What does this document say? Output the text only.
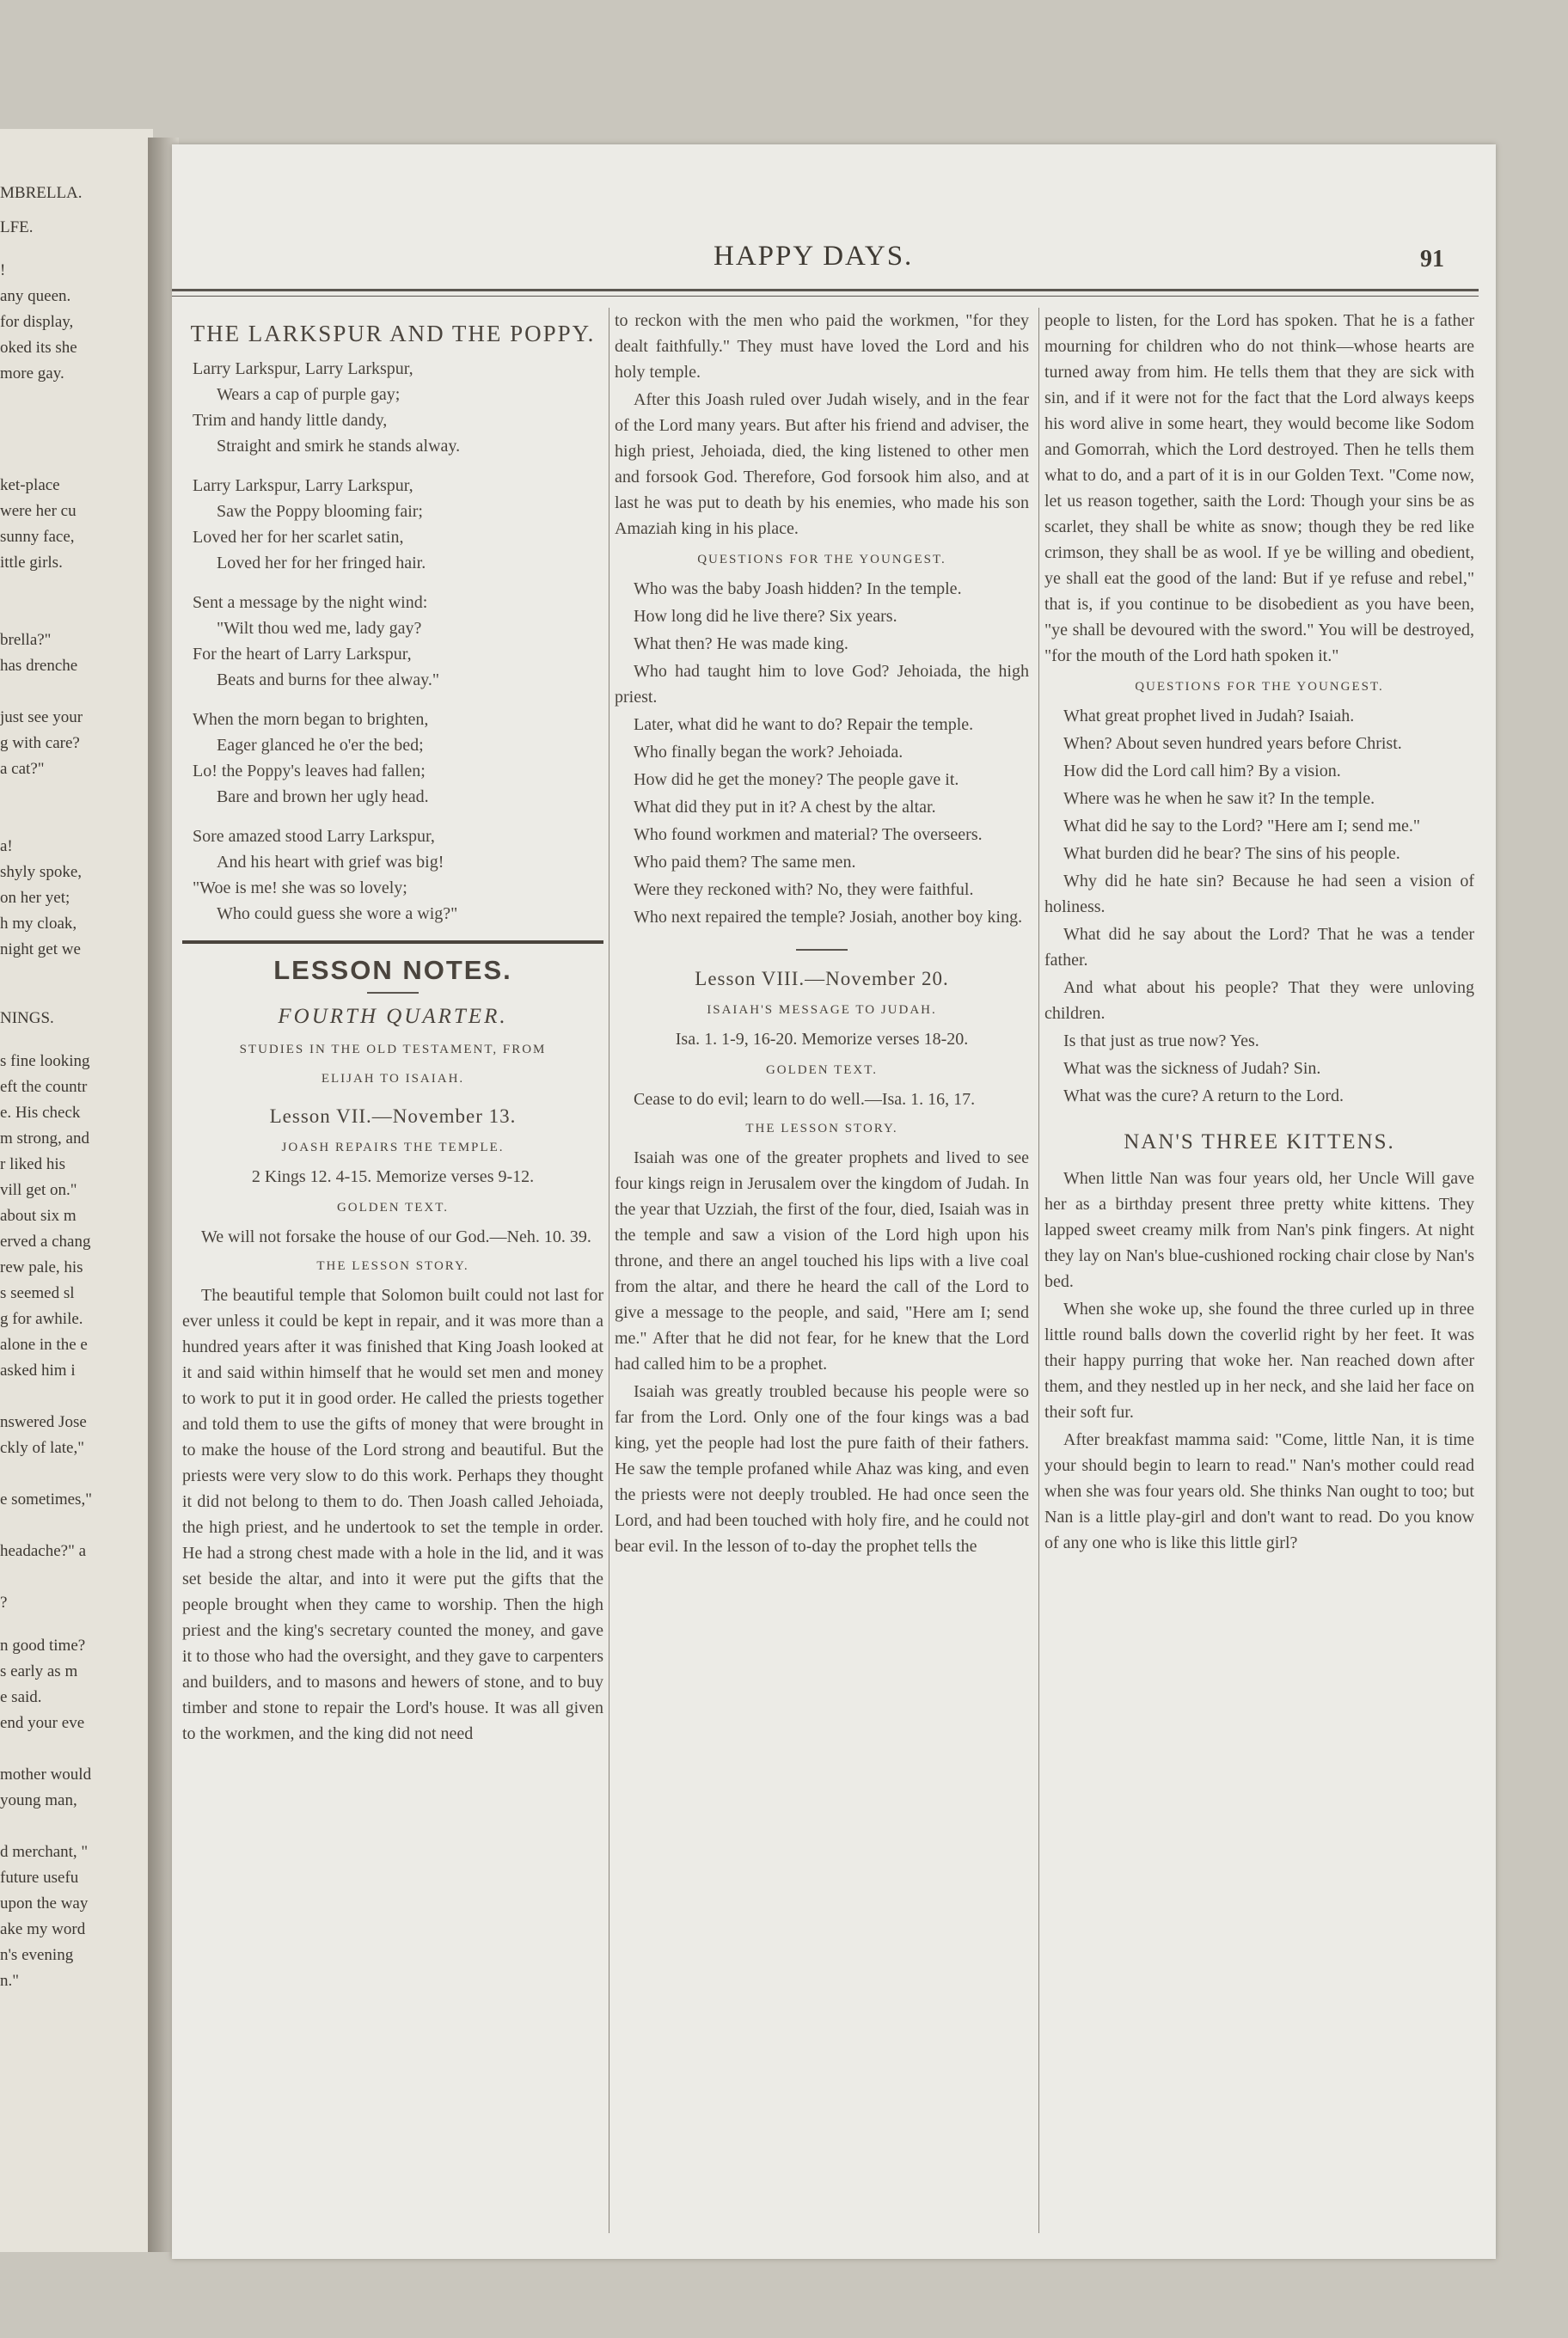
MBRELLA.
LFE.
!
any queen.
for display,
oked its she
more gay.
ket-place
were her cu
sunny face,
ittle girls.
brella?"
has drenche
just see your
g with care?
a cat?"
a!
shyly spoke,
on her yet;
h my cloak,
night get we
NINGS.
s fine looking
eft the countr
e. His check
m strong, and
r liked his
vill get on."
about six m
erved a chang
rew pale, his
s seemed sl
g for awhile.
alone in the e
asked him i
nswered Jose
ckly of late,"
e sometimes,"
headache?" a
?
n good time?
s early as m
e said.
end your eve
mother would
young man,
d merchant, "
future usefu
upon the way
ake my word
n's evening
n."
HAPPY DAYS.	91
THE LARKSPUR AND THE POPPY.
Larry Larkspur, Larry Larkspur,
Wears a cap of purple gay;
Trim and handy little dandy,
Straight and smirk he stands alway.
Larry Larkspur, Larry Larkspur,
Saw the Poppy blooming fair;
Loved her for her scarlet satin,
Loved her for her fringed hair.
Sent a message by the night wind:
"Wilt thou wed me, lady gay?
For the heart of Larry Larkspur,
Beats and burns for thee alway."
When the morn began to brighten,
Eager glanced he o'er the bed;
Lo! the Poppy's leaves had fallen;
Bare and brown her ugly head.
Sore amazed stood Larry Larkspur,
And his heart with grief was big!
"Woe is me! she was so lovely;
Who could guess she wore a wig?"
LESSON NOTES.
FOURTH QUARTER.
STUDIES IN THE OLD TESTAMENT, FROM
ELIJAH TO ISAIAH.
Lesson VII.—November 13.
JOASH REPAIRS THE TEMPLE.
2 Kings 12. 4-15. Memorize verses 9-12.
GOLDEN TEXT.

We will not forsake the house of our God.—Neh. 10. 39.

THE LESSON STORY.

The beautiful temple that Solomon built could not last for ever unless it could be kept in repair, and it was more than a hundred years after it was finished that King Joash looked at it and said within himself that he would set men and money to work to put it in good order. He called the priests together and told them to use the gifts of money that were brought in to make the house of the Lord strong and beautiful. But the priests were very slow to do this work. Perhaps they thought it did not belong to them to do. Then Joash called Jehoiada, the high priest, and he undertook to set the temple in order. He had a strong chest made with a hole in the lid, and it was set beside the altar, and into it were put the gifts that the people brought when they came to worship. Then the high priest and the king's secretary counted the money, and gave it to those who had the oversight, and they gave to carpenters and builders, and to masons and hewers of stone, and to buy timber and stone to repair the Lord's house. It was all given to the workmen, and the king did not need

to reckon with the men who paid the workmen, "for they dealt faithfully." They must have loved the Lord and his holy temple.

After this Joash ruled over Judah wisely, and in the fear of the Lord many years. But after his friend and adviser, the high priest, Jehoiada, died, the king listened to other men and forsook God. Therefore, God forsook him also, and at last he was put to death by his enemies, who made his son Amaziah king in his place.

QUESTIONS FOR THE YOUNGEST.

Who was the baby Joash hidden? In the temple.

How long did he live there? Six years.

What then? He was made king.

Who had taught him to love God? Jehoiada, the high priest.

Later, what did he want to do? Repair the temple.

Who finally began the work? Jehoiada.

How did he get the money? The people gave it.

What did they put in it? A chest by the altar.

Who found workmen and material? The overseers.

Who paid them? The same men.

Were they reckoned with? No, they were faithful.

Who next repaired the temple? Josiah, another boy king.

Lesson VIII.—November 20.
ISAIAH'S MESSAGE TO JUDAH.
Isa. 1. 1-9, 16-20. Memorize verses 18-20.
GOLDEN TEXT.

Cease to do evil; learn to do well.—Isa. 1. 16, 17.

THE LESSON STORY.

Isaiah was one of the greater prophets and lived to see four kings reign in Jerusalem over the kingdom of Judah. In the year that Uzziah, the first of the four, died, Isaiah was in the temple and saw a vision of the Lord high upon his throne, and there an angel touched his lips with a live coal from the altar, and there he heard the call of the Lord to give a message to the people, and said, "Here am I; send me." After that he did not fear, for he knew that the Lord had called him to be a prophet.

Isaiah was greatly troubled because his people were so far from the Lord. Only one of the four kings was a bad king, yet the people had lost the pure faith of their fathers. He saw the temple profaned while Ahaz was king, and even the priests were not deeply troubled. He had once seen the Lord, and had been touched with holy fire, and he could not bear evil. In the lesson of to-day the prophet tells the

people to listen, for the Lord has spoken. That he is a father mourning for children who do not think—whose hearts are turned away from him. He tells them that they are sick with sin, and if it were not for the fact that the Lord always keeps his word alive in some heart, they would become like Sodom and Gomorrah, which the Lord destroyed. Then he tells them what to do, and a part of it is in our Golden Text. "Come now, let us reason together, saith the Lord: Though your sins be as scarlet, they shall be white as snow; though they be red like crimson, they shall be as wool. If ye be willing and obedient, ye shall eat the good of the land: But if ye refuse and rebel," that is, if you continue to be disobedient as you have been, "ye shall be devoured with the sword." You will be destroyed, "for the mouth of the Lord hath spoken it."

QUESTIONS FOR THE YOUNGEST.

What great prophet lived in Judah? Isaiah.

When? About seven hundred years before Christ.

How did the Lord call him? By a vision.

Where was he when he saw it? In the temple.

What did he say to the Lord? "Here am I; send me."

What burden did he bear? The sins of his people.

Why did he hate sin? Because he had seen a vision of holiness.

What did he say about the Lord? That he was a tender father.

And what about his people? That they were unloving children.

Is that just as true now? Yes.

What was the sickness of Judah? Sin.

What was the cure? A return to the Lord.

NAN'S THREE KITTENS.

When little Nan was four years old, her Uncle Will gave her as a birthday present three pretty white kittens. They lapped sweet creamy milk from Nan's pink fingers. At night they lay on Nan's blue-cushioned rocking chair close by Nan's bed.

When she woke up, she found the three curled up in three little round balls down the coverlid right by her feet. It was their happy purring that woke her. Nan reached down after them, and they nestled up in her neck, and she laid her face on their soft fur.

After breakfast mamma said: "Come, little Nan, it is time your should begin to learn to read." Nan's mother could read when she was four years old. She thinks Nan ought to too; but Nan is a little play-girl and don't want to read. Do you know of any one who is like this little girl?
